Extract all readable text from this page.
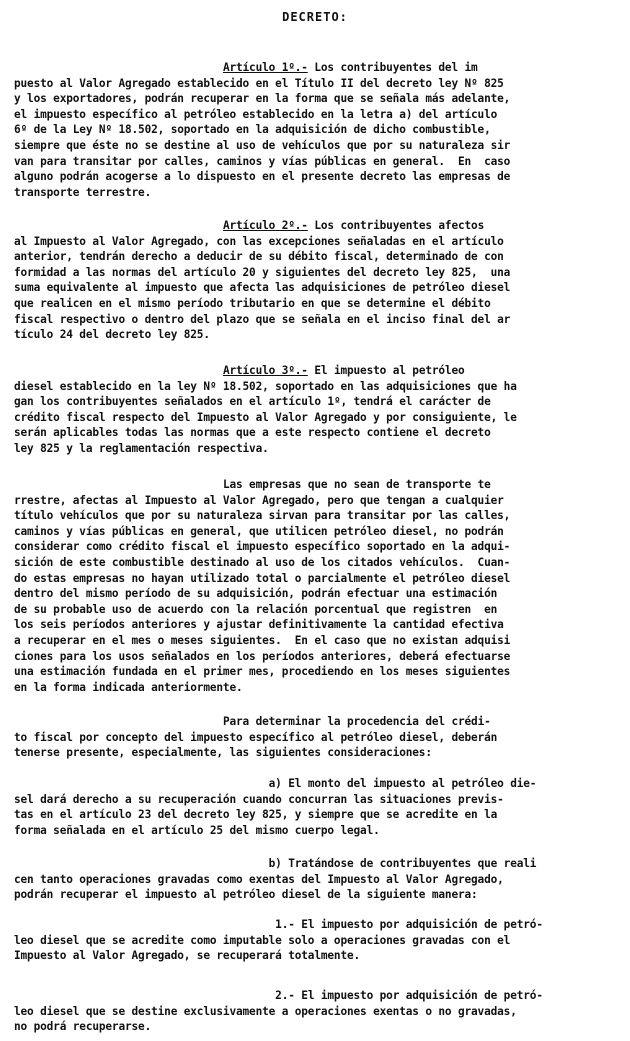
DECRETO:
Artículo 1º.- Los contribuyentes del im
puesto al Valor Agregado establecido en el Título II del decreto ley Nº 825
y los exportadores, podrán recuperar en la forma que se señala más adelante,
el impuesto específico al petróleo establecido en la letra a) del artículo
6º de la Ley Nº 18.502, soportado en la adquisición de dicho combustible,
siempre que éste no se destine al uso de vehículos que por su naturaleza sir
van para transitar por calles, caminos y vías públicas en general.  En  caso
alguno podrán acogerse a lo dispuesto en el presente decreto las empresas de
transporte terrestre.
Artículo 2º.- Los contribuyentes afectos
al Impuesto al Valor Agregado, con las excepciones señaladas en el artículo
anterior, tendrán derecho a deducir de su débito fiscal, determinado de con
formidad a las normas del artículo 20 y siguientes del decreto ley 825,  una
suma equivalente al impuesto que afecta las adquisiciones de petróleo diesel
que realicen en el mismo período tributario en que se determine el débito
fiscal respectivo o dentro del plazo que se señala en el inciso final del ar
tículo 24 del decreto ley 825.
Artículo 3º.- El impuesto al petróleo
diesel establecido en la ley Nº 18.502, soportado en las adquisiciones que ha
gan los contribuyentes señalados en el artículo 1º, tendrá el carácter de
crédito fiscal respecto del Impuesto al Valor Agregado y por consiguiente, le
serán aplicables todas las normas que a este respecto contiene el decreto
ley 825 y la reglamentación respectiva.
Las empresas que no sean de transporte te
rrestre, afectas al Impuesto al Valor Agregado, pero que tengan a cualquier
título vehículos que por su naturaleza sirvan para transitar por las calles,
caminos y vías públicas en general, que utilicen petróleo diesel, no podrán
considerar como crédito fiscal el impuesto específico soportado en la adqui-
sición de este combustible destinado al uso de los citados vehículos.  Cuan-
do estas empresas no hayan utilizado total o parcialmente el petróleo diesel
dentro del mismo período de su adquisición, podrán efectuar una estimación
de su probable uso de acuerdo con la relación porcentual que registren  en
los seis períodos anteriores y ajustar definitivamente la cantidad efectiva
a recuperar en el mes o meses siguientes.  En el caso que no existan adquisi
ciones para los usos señalados en los períodos anteriores, deberá efectuarse
una estimación fundada en el primer mes, procediendo en los meses siguientes
en la forma indicada anteriormente.
Para determinar la procedencia del crédi-
to fiscal por concepto del impuesto específico al petróleo diesel, deberán
tenerse presente, especialmente, las siguientes consideraciones:
a) El monto del impuesto al petróleo die-
sel dará derecho a su recuperación cuando concurran las situaciones previs-
tas en el artículo 23 del decreto ley 825, y siempre que se acredite en la
forma señalada en el artículo 25 del mismo cuerpo legal.
b) Tratándose de contribuyentes que reali
cen tanto operaciones gravadas como exentas del Impuesto al Valor Agregado,
podrán recuperar el impuesto al petróleo diesel de la siguiente manera:
1.- El impuesto por adquisición de petró-
leo diesel que se acredite como imputable solo a operaciones gravadas con el
Impuesto al Valor Agregado, se recuperará totalmente.
2.- El impuesto por adquisición de petró-
leo diesel que se destine exclusivamente a operaciones exentas o no gravadas,
no podrá recuperarse.
